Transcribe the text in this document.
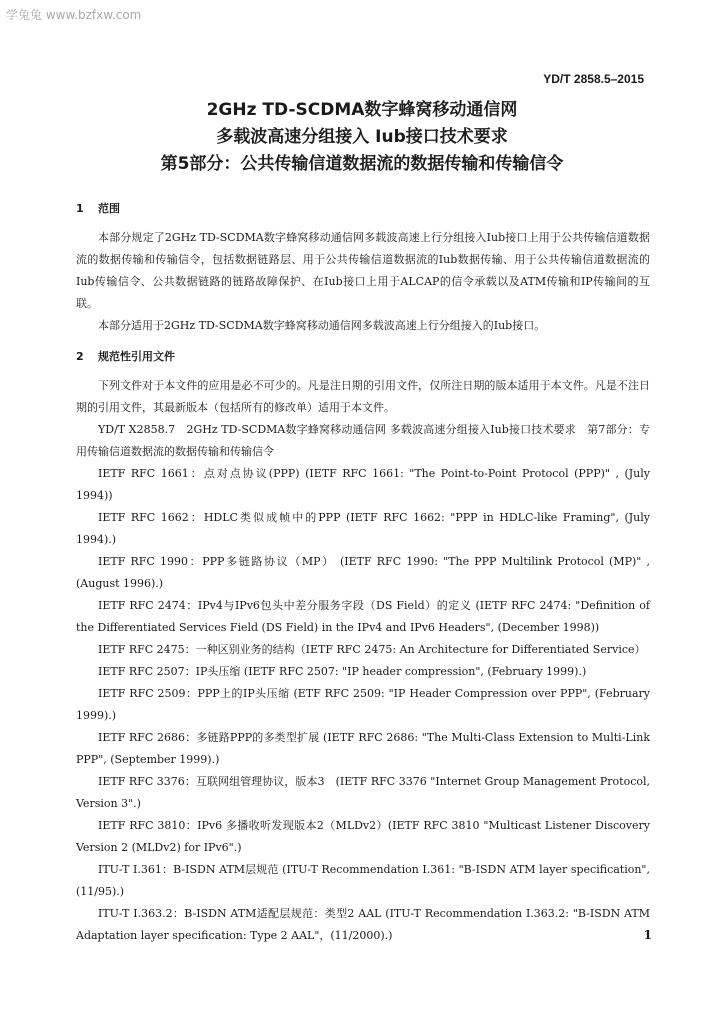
学兔兔 www.bzfxw.com
YD/T 2858.5–2015
2GHz TD-SCDMA数字蜂窝移动通信网
多载波高速分组接入 Iub接口技术要求
第5部分：公共传输信道数据流的数据传输和传输信令
1 范围

本部分规定了2GHz TD-SCDMA数字蜂窝移动通信网多载波高速上行分组接入Iub接口上用于公共传输信道数据流的数据传输和传输信令，包括数据链路层、用于公共传输信道数据流的Iub数据传输、用于公共传输信道数据流的Iub传输信令、公共数据链路的链路故障保护、在Iub接口上用于ALCAP的信令承载以及ATM传输和IP传输间的互联。

本部分适用于2GHz TD-SCDMA数字蜂窝移动通信网多载波高速上行分组接入的Iub接口。

2 规范性引用文件

下列文件对于本文件的应用是必不可少的。凡是注日期的引用文件，仅所注日期的版本适用于本文件。凡是不注日期的引用文件，其最新版本（包括所有的修改单）适用于本文件。

YD/T X2858.7　2GHz TD-SCDMA数字蜂窝移动通信网 多载波高速分组接入Iub接口技术要求　第7部分：专用传输信道数据流的数据传输和传输信令

IETF RFC 1661：点对点协议(PPP) (IETF RFC 1661: "The Point-to-Point Protocol (PPP)" , (July 1994))

IETF RFC 1662：HDLC类似成帧中的PPP (IETF RFC 1662: "PPP in HDLC-like Framing", (July 1994).)

IETF RFC 1990：PPP多链路协议（MP） (IETF RFC 1990: "The PPP Multilink Protocol (MP)" , (August 1996).)

IETF RFC 2474：IPv4与IPv6包头中差分服务字段（DS Field）的定义 (IETF RFC 2474: "Definition of the Differentiated Services Field (DS Field) in the IPv4 and IPv6 Headers", (December 1998))

IETF RFC 2475：一种区别业务的结构（IETF RFC 2475: An Architecture for Differentiated Service）

IETF RFC 2507：IP头压缩 (IETF RFC 2507: "IP header compression", (February 1999).)

IETF RFC 2509：PPP上的IP头压缩 (ETF RFC 2509: "IP Header Compression over PPP", (February 1999).)

IETF RFC 2686：多链路PPP的多类型扩展 (IETF RFC 2686: "The Multi-Class Extension to Multi-Link PPP", (September 1999).)

IETF RFC 3376：互联网组管理协议，版本3　(IETF RFC 3376 "Internet Group Management Protocol, Version 3".)

IETF RFC 3810：IPv6 多播收听发现版本2（MLDv2）(IETF RFC 3810 "Multicast Listener Discovery Version 2 (MLDv2) for IPv6".)

ITU-T I.361：B-ISDN ATM层规范 (ITU-T Recommendation I.361: "B-ISDN ATM layer specification", (11/95).)

ITU-T I.363.2：B-ISDN ATM适配层规范：类型2 AAL (ITU-T Recommendation I.363.2: "B-ISDN ATM Adaptation layer specification: Type 2 AAL"，(11/2000).)	1
